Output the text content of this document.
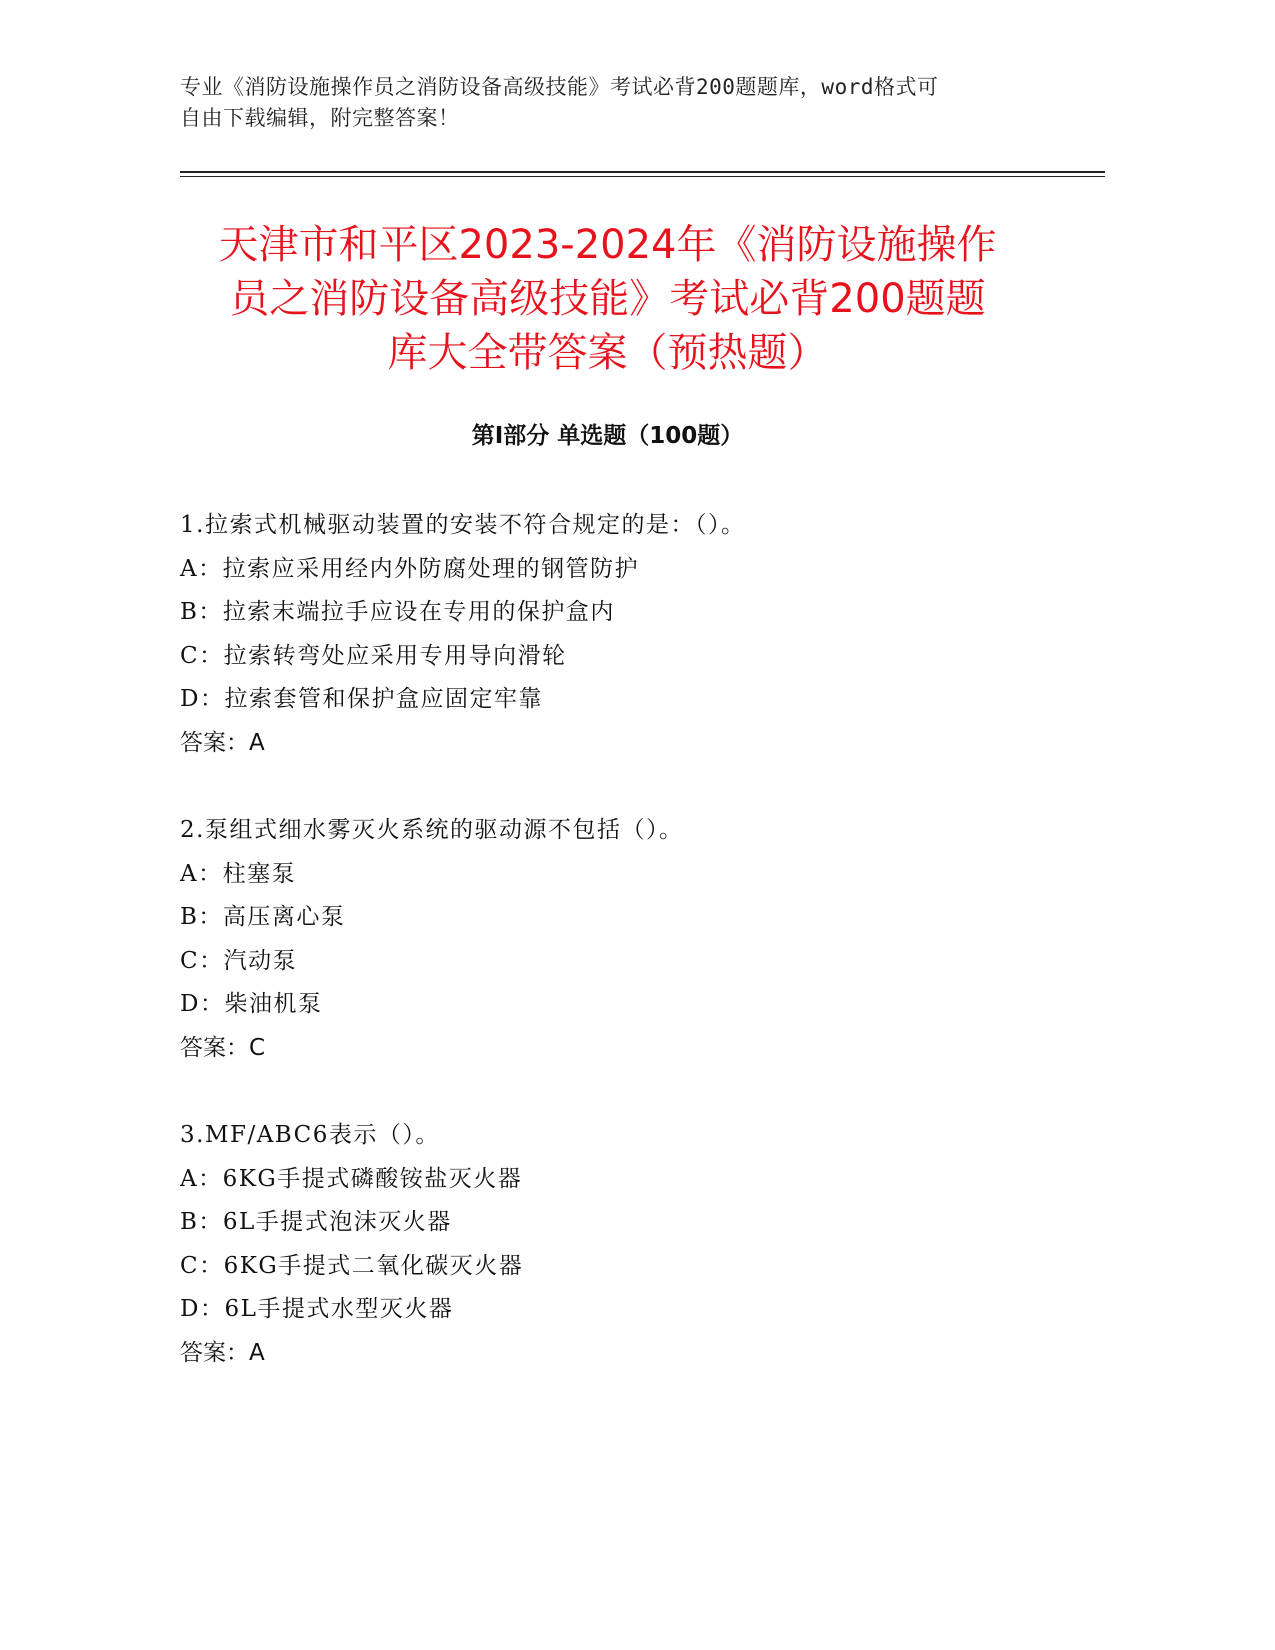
专业《消防设施操作员之消防设备高级技能》考试必背200题题库，word格式可
自由下载编辑，附完整答案！
天津市和平区2023-2024年《消防设施操作
员之消防设备高级技能》考试必背200题题
库大全带答案（预热题）
第Ⅰ部分 单选题（100题）
1.拉索式机械驱动装置的安装不符合规定的是：（）。
A：拉索应采用经内外防腐处理的钢管防护
B：拉索末端拉手应设在专用的保护盒内
C：拉索转弯处应采用专用导向滑轮
D：拉索套管和保护盒应固定牢靠
答案：A
2.泵组式细水雾灭火系统的驱动源不包括（）。
A：柱塞泵
B：高压离心泵
C：汽动泵
D：柴油机泵
答案：C
3.MF/ABC6表示（）。
A：6KG手提式磷酸铵盐灭火器
B：6L手提式泡沫灭火器
C：6KG手提式二氧化碳灭火器
D：6L手提式水型灭火器
答案：A
